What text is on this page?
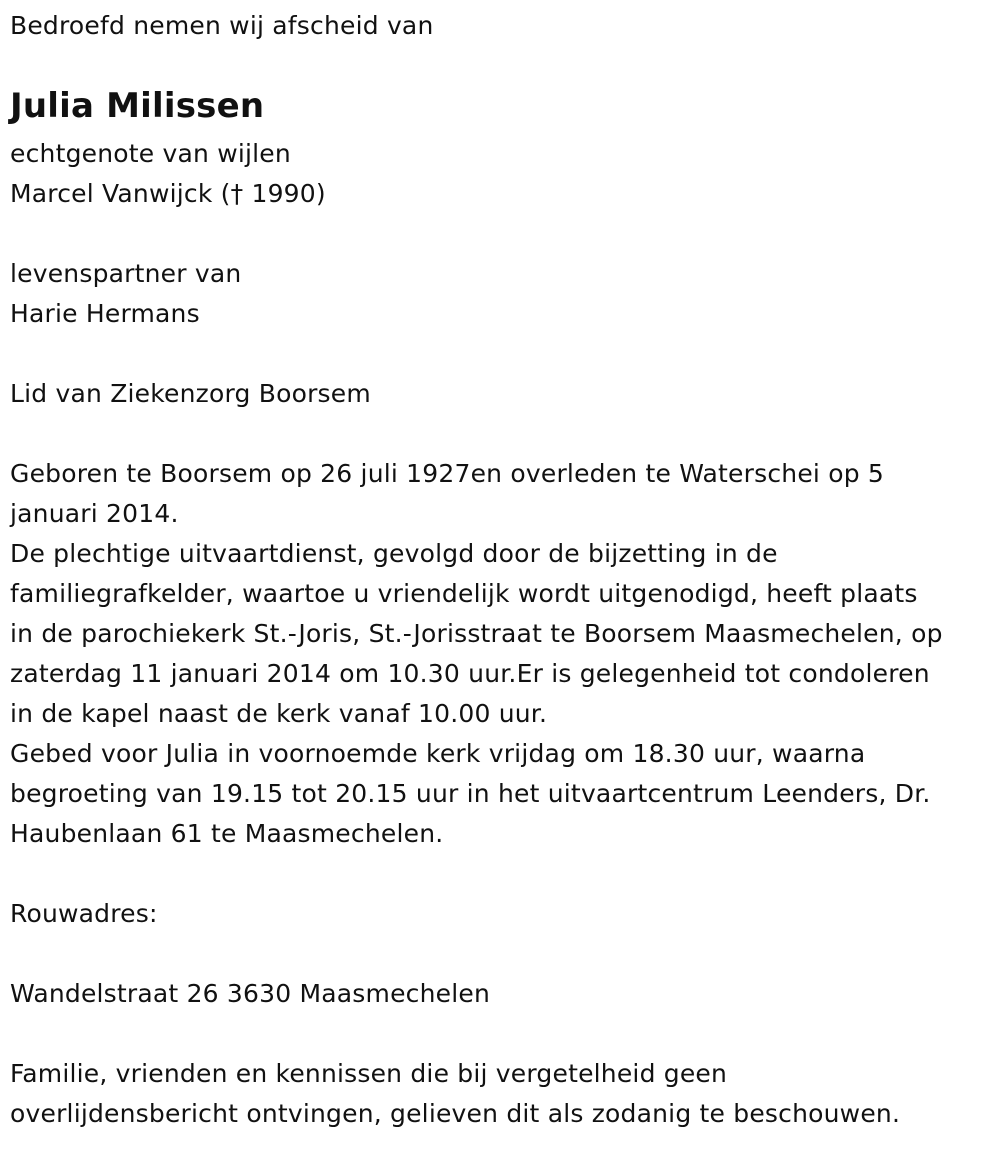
Bedroefd nemen wij afscheid van
Julia Milissen
echtgenote van wijlen
Marcel Vanwijck († 1990)
levenspartner van
Harie Hermans
Lid van Ziekenzorg Boorsem
Geboren te Boorsem op 26 juli 1927en overleden te Waterschei op 5
januari 2014.
De plechtige uitvaartdienst, gevolgd door de bijzetting in de
familiegrafkelder, waartoe u vriendelijk wordt uitgenodigd, heeft plaats
in de parochiekerk St.-Joris, St.-Jorisstraat te Boorsem Maasmechelen, op
zaterdag 11 januari 2014 om 10.30 uur.Er is gelegenheid tot condoleren
in de kapel naast de kerk vanaf 10.00 uur.
Gebed voor Julia in voornoemde kerk vrijdag om 18.30 uur, waarna
begroeting van 19.15 tot 20.15 uur in het uitvaartcentrum Leenders, Dr.
Haubenlaan 61 te Maasmechelen.
Rouwadres:
Wandelstraat 26 3630 Maasmechelen
Familie, vrienden en kennissen die bij vergetelheid geen
overlijdensbericht ontvingen, gelieven dit als zodanig te beschouwen.
